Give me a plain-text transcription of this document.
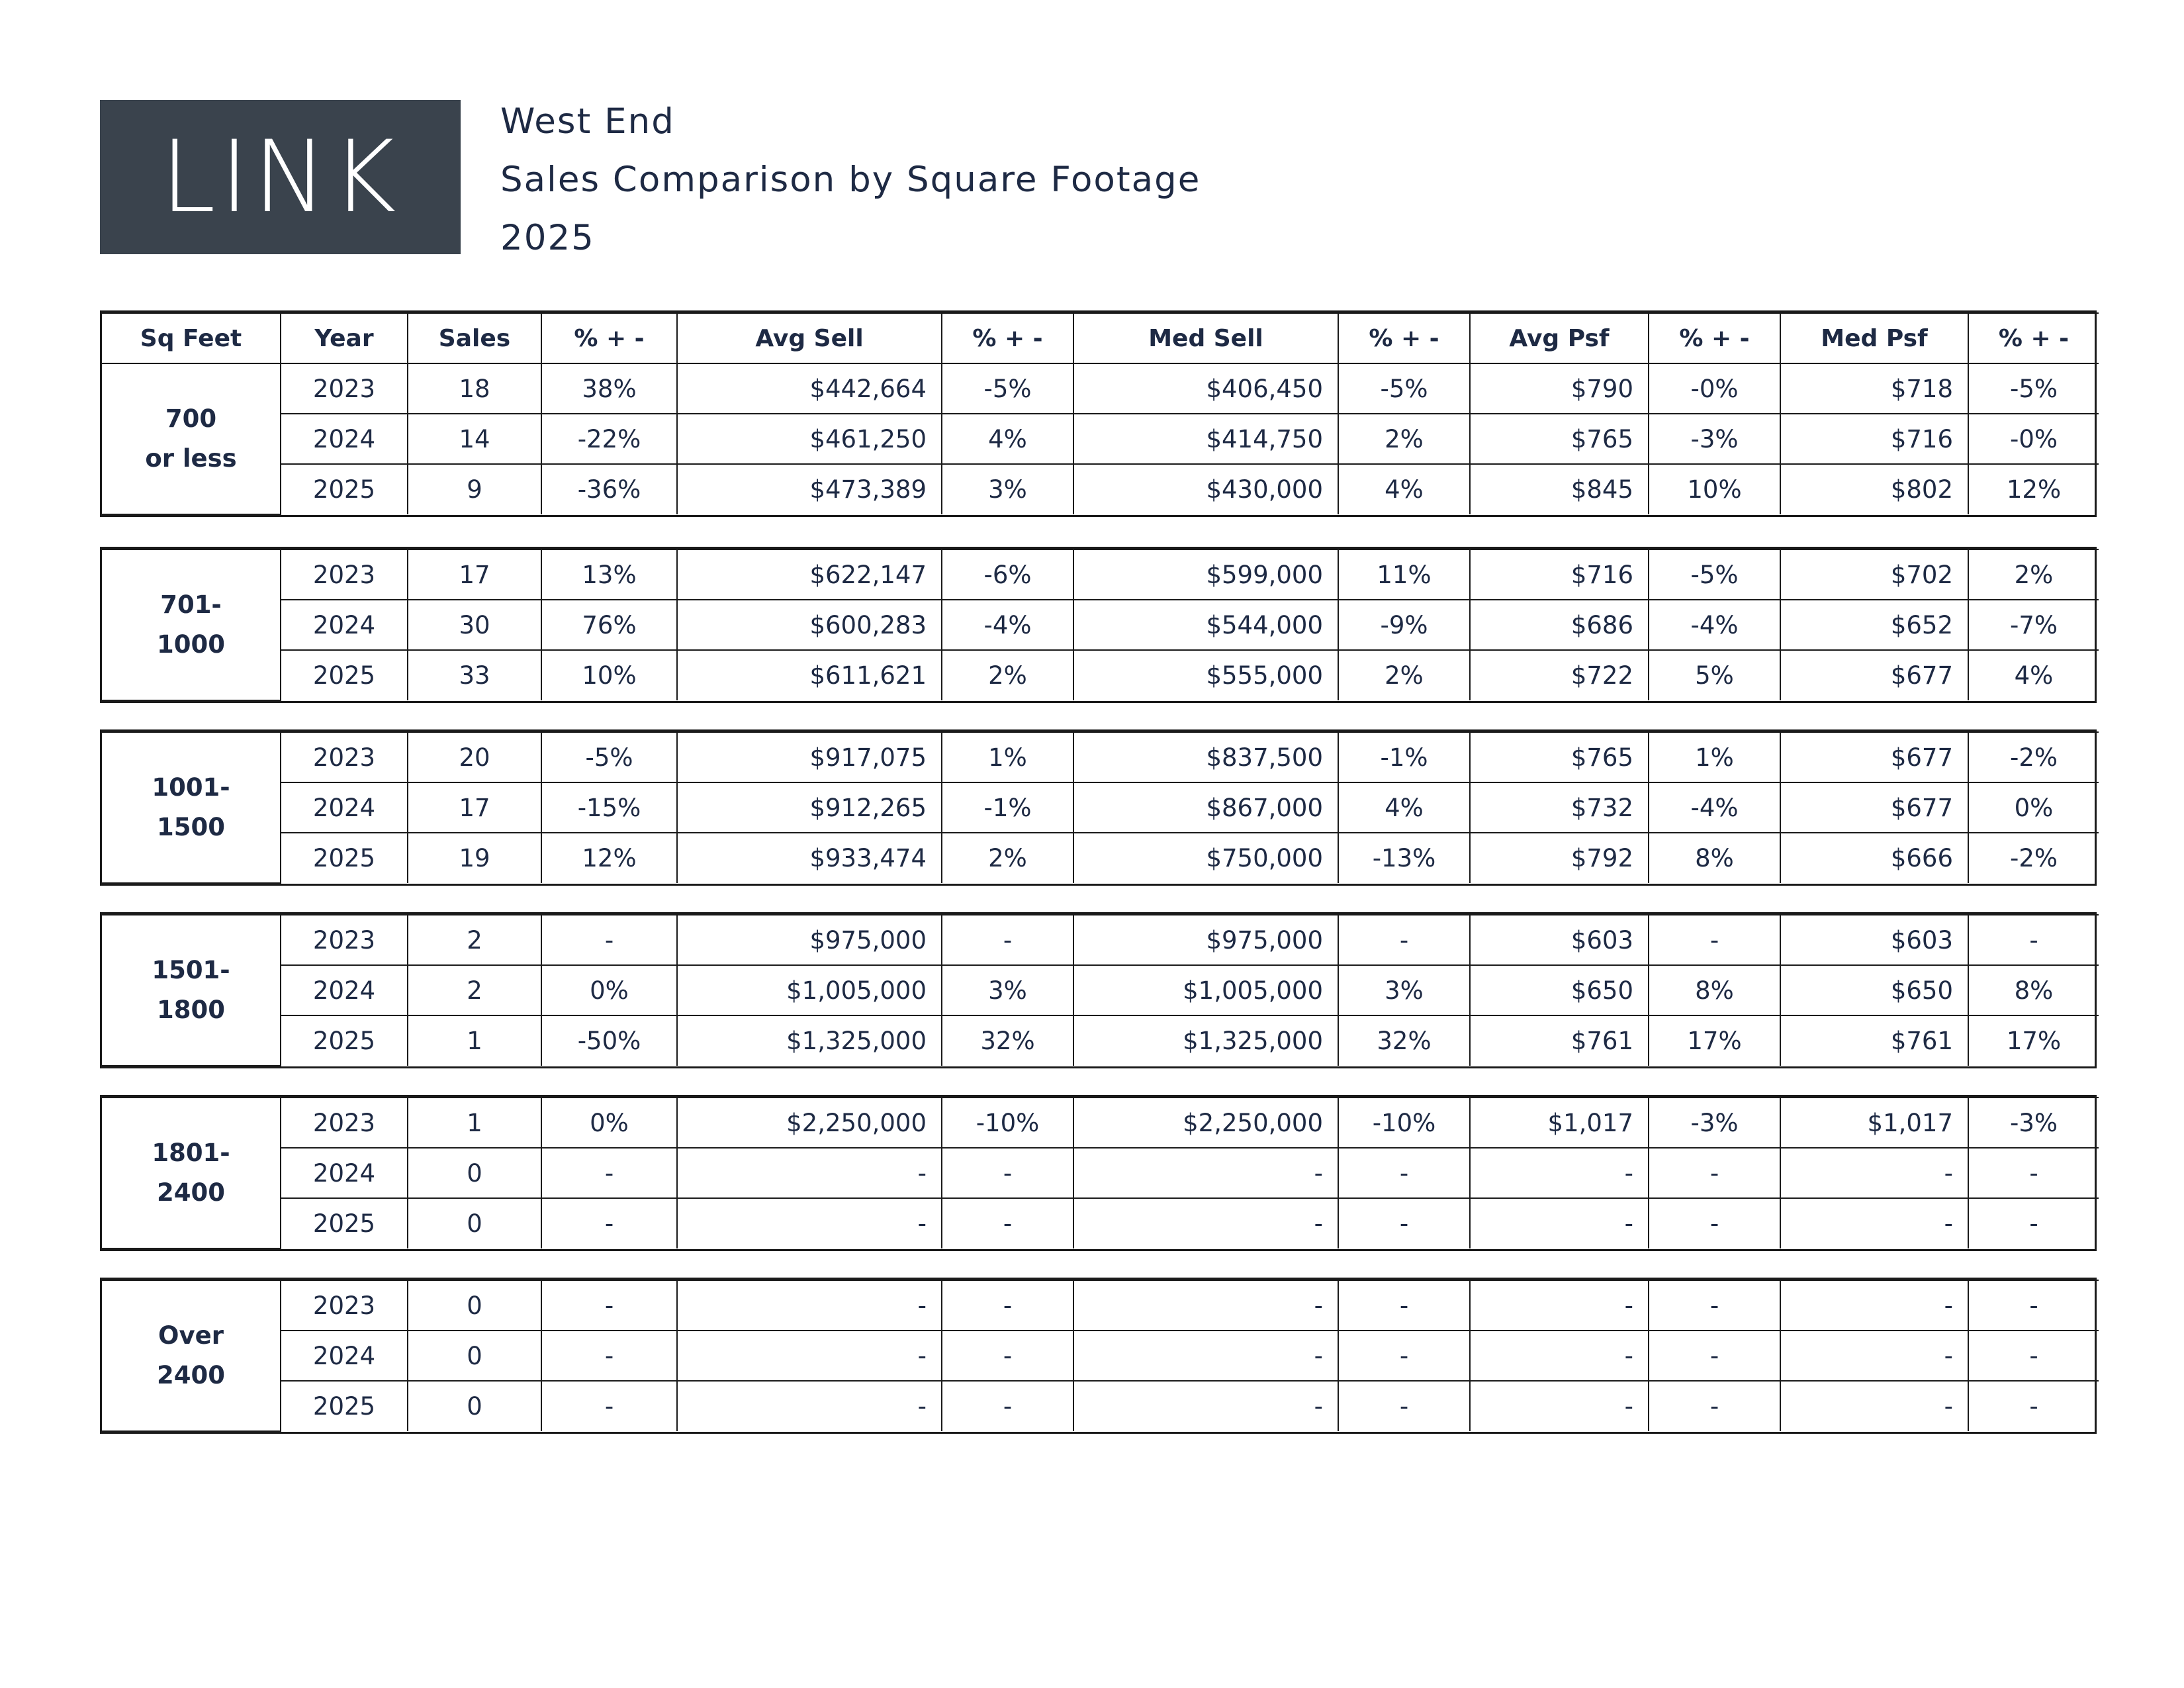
LINK	West End
Sales Comparison by Square Footage
2025
Sq Feet	Year	Sales	% + -	Avg Sell	% + -	Med Sell	% + -	Avg Psf	% + -	Med Psf	% + -

700
or less	2023	18	38%	$442,664	-5%	$406,450	-5%	$790	-0%	$718	-5%
	2024	14	-22%	$461,250	4%	$414,750	2%	$765	-3%	$716	-0%
	2025	9	-36%	$473,389	3%	$430,000	4%	$845	10%	$802	12%
701-
1000	2023	17	13%	$622,147	-6%	$599,000	11%	$716	-5%	$702	2%
	2024	30	76%	$600,283	-4%	$544,000	-9%	$686	-4%	$652	-7%
	2025	33	10%	$611,621	2%	$555,000	2%	$722	5%	$677	4%
1001-
1500	2023	20	-5%	$917,075	1%	$837,500	-1%	$765	1%	$677	-2%
	2024	17	-15%	$912,265	-1%	$867,000	4%	$732	-4%	$677	0%
	2025	19	12%	$933,474	2%	$750,000	-13%	$792	8%	$666	-2%
1501-
1800	2023	2	-	$975,000	-	$975,000	-	$603	-	$603	-
	2024	2	0%	$1,005,000	3%	$1,005,000	3%	$650	8%	$650	8%
	2025	1	-50%	$1,325,000	32%	$1,325,000	32%	$761	17%	$761	17%
1801-
2400	2023	1	0%	$2,250,000	-10%	$2,250,000	-10%	$1,017	-3%	$1,017	-3%
	2024	0	-	-	-	-	-	-	-	-	-
	2025	0	-	-	-	-	-	-	-	-	-
Over
2400	2023	0	-	-	-	-	-	-	-	-	-
	2024	0	-	-	-	-	-	-	-	-	-
	2025	0	-	-	-	-	-	-	-	-	-
